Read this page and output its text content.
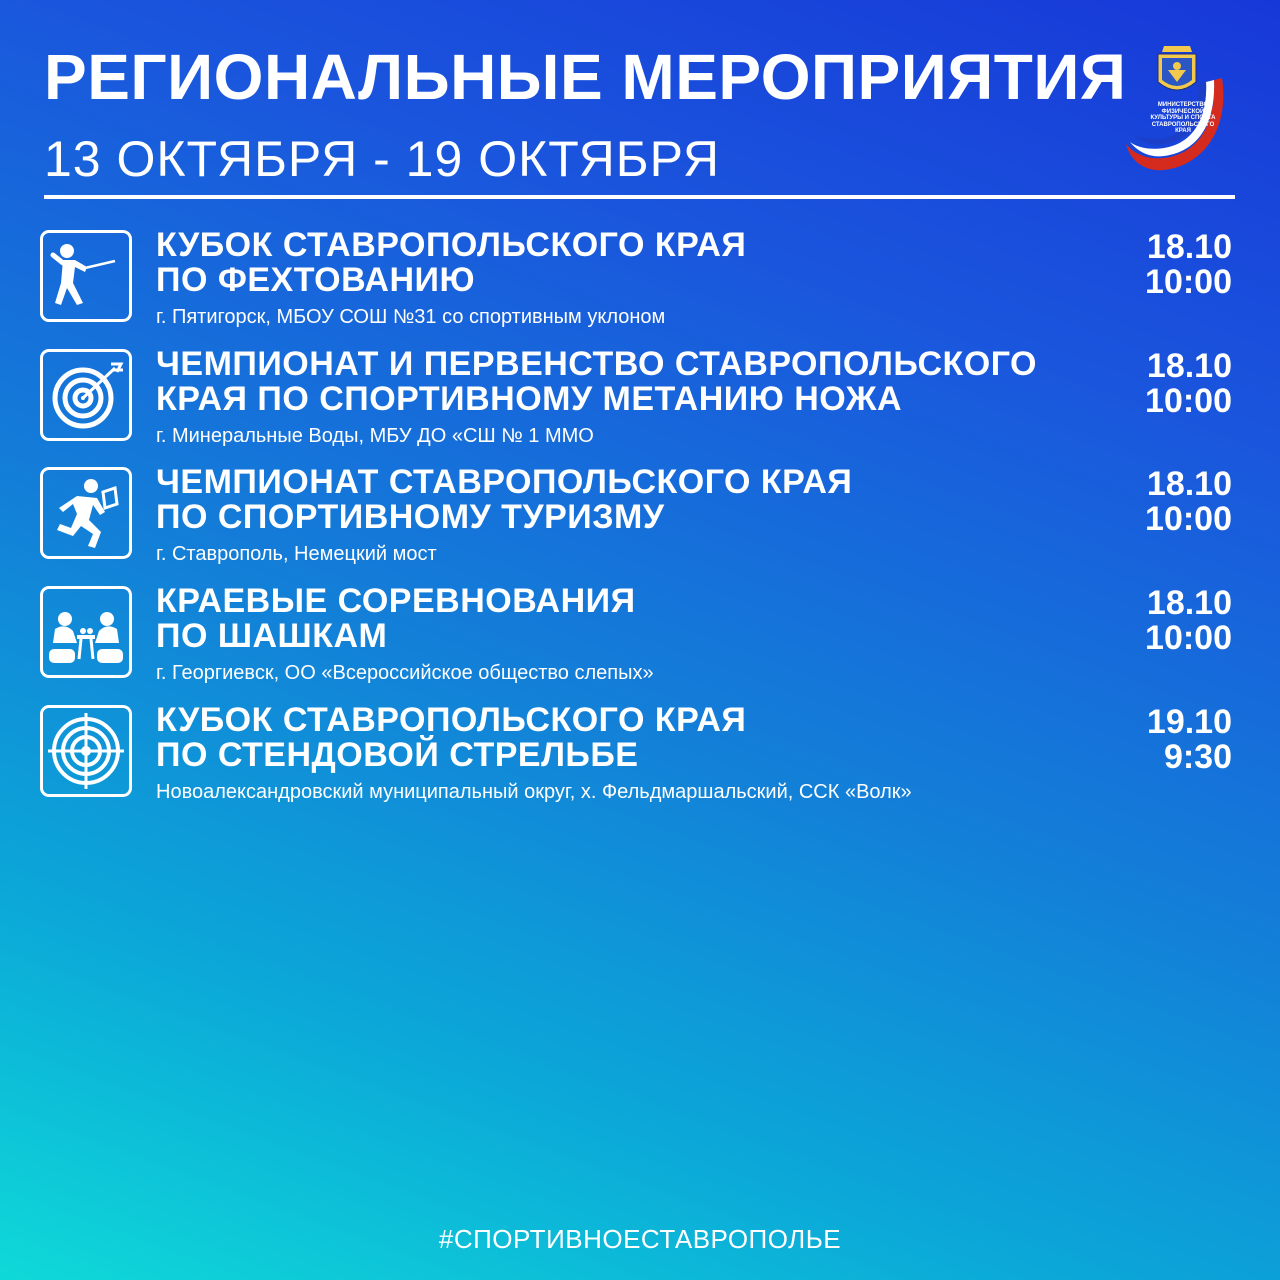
РЕГИОНАЛЬНЫЕ МЕРОПРИЯТИЯ
13 ОКТЯБРЯ - 19 ОКТЯБРЯ
МИНИСТЕРСТВО ФИЗИЧЕСКОЙ КУЛЬТУРЫ И СПОРТА СТАВРОПОЛЬСКОГО КРАЯ
КУБОК СТАВРОПОЛЬСКОГО КРАЯ
ПО ФЕХТОВАНИЮ
г. Пятигорск, МБОУ СОШ №31 со спортивным уклоном
18.10
10:00
ЧЕМПИОНАТ И ПЕРВЕНСТВО СТАВРОПОЛЬСКОГО
КРАЯ ПО СПОРТИВНОМУ МЕТАНИЮ НОЖА
г. Минеральные Воды, МБУ ДО «СШ № 1 ММО
18.10
10:00
ЧЕМПИОНАТ СТАВРОПОЛЬСКОГО КРАЯ
ПО СПОРТИВНОМУ ТУРИЗМУ
г. Ставрополь, Немецкий мост
18.10
10:00
КРАЕВЫЕ СОРЕВНОВАНИЯ
ПО ШАШКАМ
г. Георгиевск, ОО «Всероссийское общество слепых»
18.10
10:00
КУБОК СТАВРОПОЛЬСКОГО КРАЯ
ПО СТЕНДОВОЙ СТРЕЛЬБЕ
Новоалександровский муниципальный округ, х. Фельдмаршальский, ССК «Волк»
19.10
9:30
#СПОРТИВНОЕСТАВРОПОЛЬЕ
